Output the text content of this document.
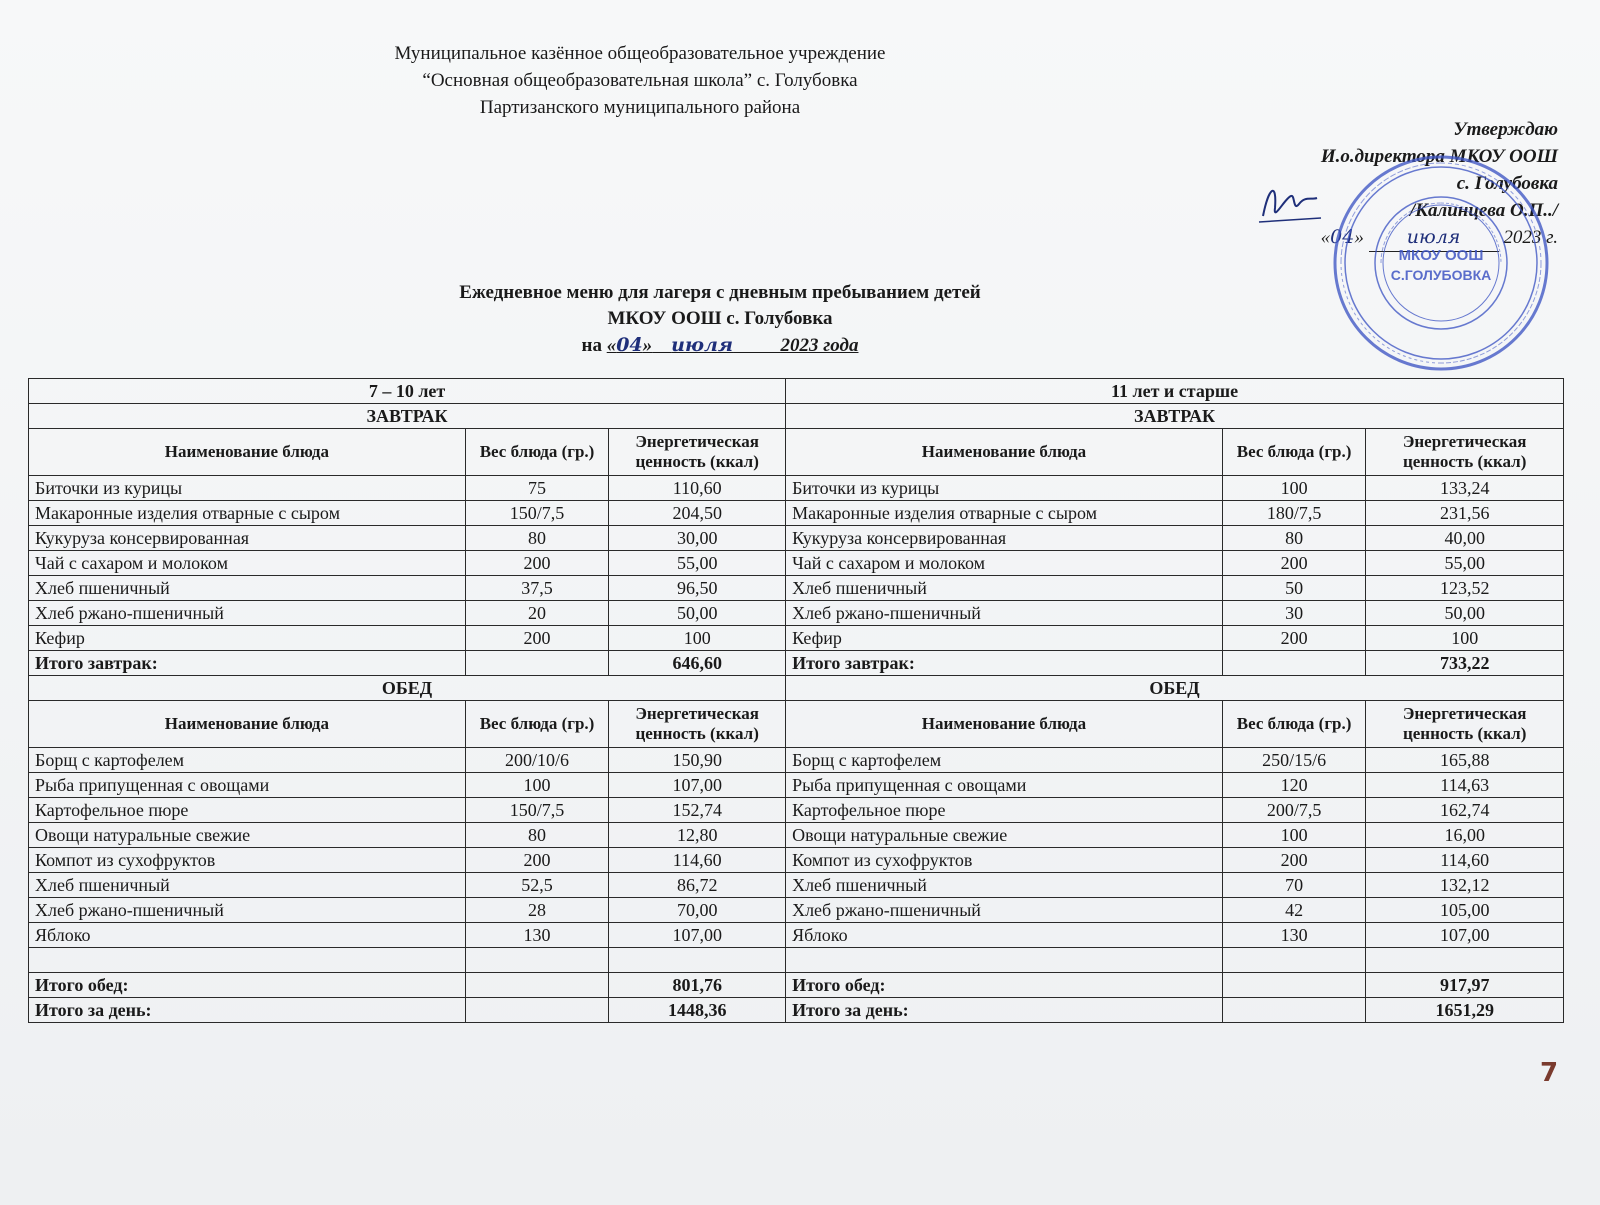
Муниципальное казённое общеобразовательное учреждение
“Основная общеобразовательная школа” с. Голубовка
Партизанского муниципального района
Утверждаю
И.о.директора МКОУ ООШ
с. Голубовка
/Калинцева О.П../
«04» июля 2023 г.
МКОУ ООШ
С.ГОЛУБОВКА
Ежедневное меню для лагеря с дневным пребыванием детей
МКОУ ООШ с. Голубовка
на «04» июля	2023 года
7 – 10 лет			11 лет и старше		
ЗАВТРАК			ЗАВТРАК		
Наименование блюда	Вес блюда (гр.)	Энергетическая ценность (ккал)	Наименование блюда	Вес блюда (гр.)	Энергетическая ценность (ккал)
Биточки из курицы	75	110,60	Биточки из курицы	100	133,24
Макаронные изделия отварные с сыром	150/7,5	204,50	Макаронные изделия отварные с сыром	180/7,5	231,56
Кукуруза консервированная	80	30,00	Кукуруза консервированная	80	40,00
Чай с сахаром и молоком	200	55,00	Чай с сахаром и молоком	200	55,00
Хлеб пшеничный	37,5	96,50	Хлеб пшеничный	50	123,52
Хлеб ржано-пшеничный	20	50,00	Хлеб ржано-пшеничный	30	50,00
Кефир	200	100	Кефир	200	100
Итого завтрак:		646,60	Итого завтрак:		733,22
ОБЕД			ОБЕД		
Наименование блюда	Вес блюда (гр.)	Энергетическая ценность (ккал)	Наименование блюда	Вес блюда (гр.)	Энергетическая ценность (ккал)
Борщ с картофелем	200/10/6	150,90	Борщ с картофелем	250/15/6	165,88
Рыба припущенная с овощами	100	107,00	Рыба припущенная с овощами	120	114,63
Картофельное пюре	150/7,5	152,74	Картофельное пюре	200/7,5	162,74
Овощи натуральные свежие	80	12,80	Овощи натуральные свежие	100	16,00
Компот из сухофруктов	200	114,60	Компот из сухофруктов	200	114,60
Хлеб пшеничный	52,5	86,72	Хлеб пшеничный	70	132,12
Хлеб ржано-пшеничный	28	70,00	Хлеб ржано-пшеничный	42	105,00
Яблоко	130	107,00	Яблоко	130	107,00

Итого обед:		801,76	Итого обед:		917,97
Итого за день:		1448,36	Итого за день:		1651,29
7
